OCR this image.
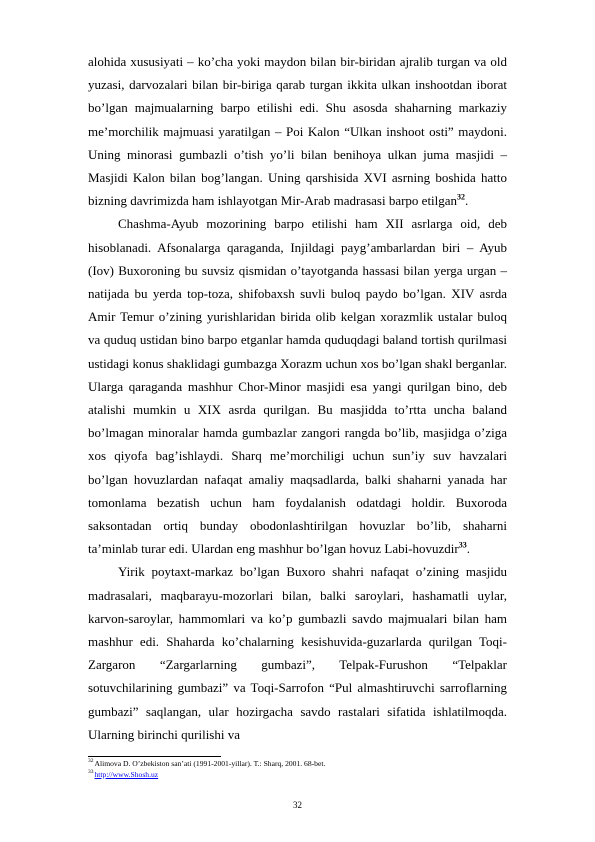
alohida xususiyati – ko’cha yoki maydon bilan bir-biridan ajralib turgan va old yuzasi, darvozalari bilan bir-biriga qarab turgan ikkita ulkan inshootdan iborat bo’lgan majmualarning barpo etilishi edi. Shu asosda shaharning markaziy me’morchilik majmuasi yaratilgan – Poi Kalon “Ulkan inshoot osti” maydoni. Uning minorasi gumbazli o’tish yo’li bilan benihoya ulkan juma masjidi – Masjidi Kalon bilan bog’langan. Uning qarshisida XVI asrning boshida hatto bizning davrimizda ham ishlayotgan Mir-Arab madrasasi barpo etilgan$^{32}$.

Chashma-Ayub mozorining barpo etilishi ham XII asrlarga oid, deb hisoblanadi. Afsonalarga qaraganda, Injildagi payg’ambarlardan biri – Ayub (Iov) Buxoroning bu suvsiz qismidan o’tayotganda hassasi bilan yerga urgan – natijada bu yerda top-toza, shifobaxsh suvli buloq paydo bo’lgan. XIV asrda Amir Temur o’zining yurishlaridan birida olib kelgan xorazmlik ustalar buloq va quduq ustidan bino barpo etganlar hamda quduqdagi baland tortish qurilmasi ustidagi konus shaklidagi gumbazga Xorazm uchun xos bo’lgan shakl berganlar. Ularga qaraganda mashhur Chor-Minor masjidi esa yangi qurilgan bino, deb atalishi mumkin u XIX asrda qurilgan. Bu masjidda to’rtta uncha baland bo’lmagan minoralar hamda gumbazlar zangori rangda bo’lib, masjidga o’ziga xos qiyofa bag’ishlaydi. Sharq me’morchiligi uchun sun’iy suv havzalari bo’lgan hovuzlardan nafaqat amaliy maqsadlarda, balki shaharni yanada har tomonlama bezatish uchun ham foydalanish odatdagi holdir. Buxoroda saksontadan ortiq bunday obodonlashtirilgan hovuzlar bo’lib, shaharni ta’minlab turar edi. Ulardan eng mashhur bo’lgan hovuz Labi-hovuzdir$^{33}$.

Yirik poytaxt-markaz bo’lgan Buxoro shahri nafaqat o’zining masjidu madrasalari, maqbarayu-mozorlari bilan, balki saroylari, hashamatli uylar, karvon-saroylar, hammomlari va ko’p gumbazli savdo majmualari bilan ham mashhur edi. Shaharda ko’chalarning kesishuvida-guzarlarda qurilgan Toqi-Zargaron “Zargarlarning gumbazi”, Telpak-Furushon “Telpaklar sotuvchilarining gumbazi” va Toqi-Sarrofon “Pul almashtiruvchi sarroflarning gumbazi” saqlangan, ular hozirgacha savdo rastalari sifatida ishlatilmoqda. Ularning birinchi qurilishi va

$^{32}$Alimova D. O’zbekiston san’ati (1991-2001-yillar). T.: Sharq, 2001. 68-bet.

$^{33}$http://www.Shosh.uz

32
